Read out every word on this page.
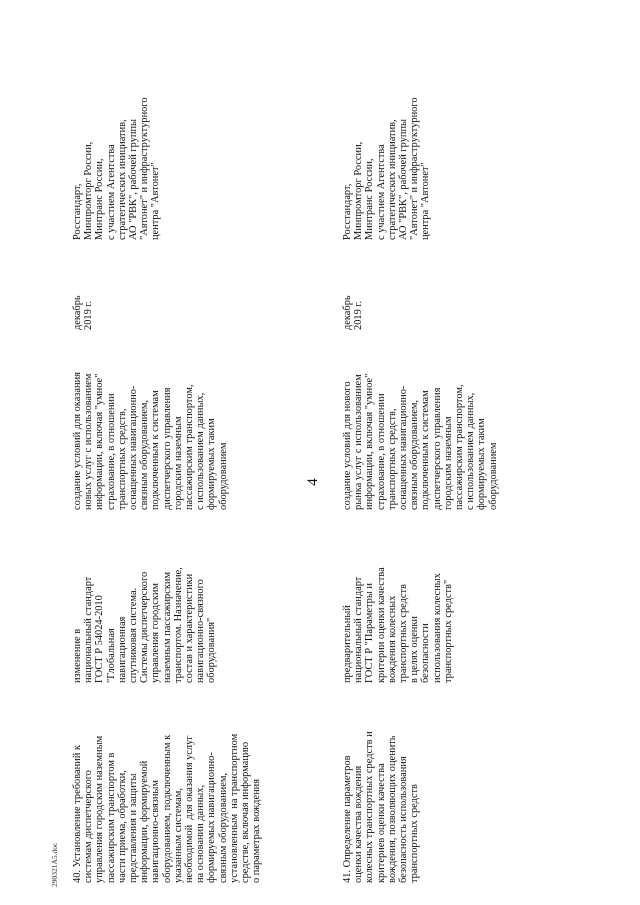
4
40. Установление требований к
системам диспетчерского
управления городским наземным
пассажирским транспортом в
части приема, обработки,
представления и защиты
информации, формируемой
навигационно-связным
оборудованием, подключенным к
указанным системам,
необходимой  для оказания услуг
на основании данных,
формируемых навигационно-
связным оборудованием,
установленным  на транспортном
средстве, включая информацию
о параметрах вождения
изменение в
национальный стандарт
ГОСТ Р 54024-2010
"Глобальная
навигационная
спутниковая система.
Системы диспетчерского
управления городским
наземным пассажирским
транспортом. Назначение,
состав и характеристики
навигационно-связного
оборудования"
создание условий для оказания
новых услуг с использованием
информации, включая "умное"
страхование, в отношении
транспортных средств,
оснащенных навигационно-
связным оборудованием,
подключенным к системам
диспетчерского управления
городским наземным
пассажирским транспортом,
с использованием данных,
формируемых таким
оборудованием
декабрь
2019 г.
Росстандарт,
Минпромторг России,
Минтранс России,
с участием Агентства
стратегических инициатив,
АО "РВК", рабочей группы
"Автонет" и инфраструктурного
центра "Автонет"
41. Определение параметров
оценки качества вождения
колесных транспортных средств и
критериев оценки качества
вождения, позволяющих оценить
безопасность использования
транспортных средств
предварительный
национальный стандарт
ГОСТ Р "Параметры и
критерии оценки качества
вождения колесных
транспортных средств
в целях оценки
безопасности
использования колесных
транспортных средств"
создание условий для нового
рынка услуг с использованием
информации, включая "умное"
страхование, в отношении
транспортных средств,
оснащенных навигационно-
связным оборудованием,
подключенным к системам
диспетчерского управления
городским наземным
пассажирским транспортом,
с использованием данных,
формируемых таким
оборудованием
декабрь
2019 г.
Росстандарт,
Минпромторг России,
Минтранс России,
с участием Агентства
стратегических инициатив,
АО "РВК", рабочей группы
"Автонет" и инфраструктурного
центра "Автонет"
290321A5.doc
